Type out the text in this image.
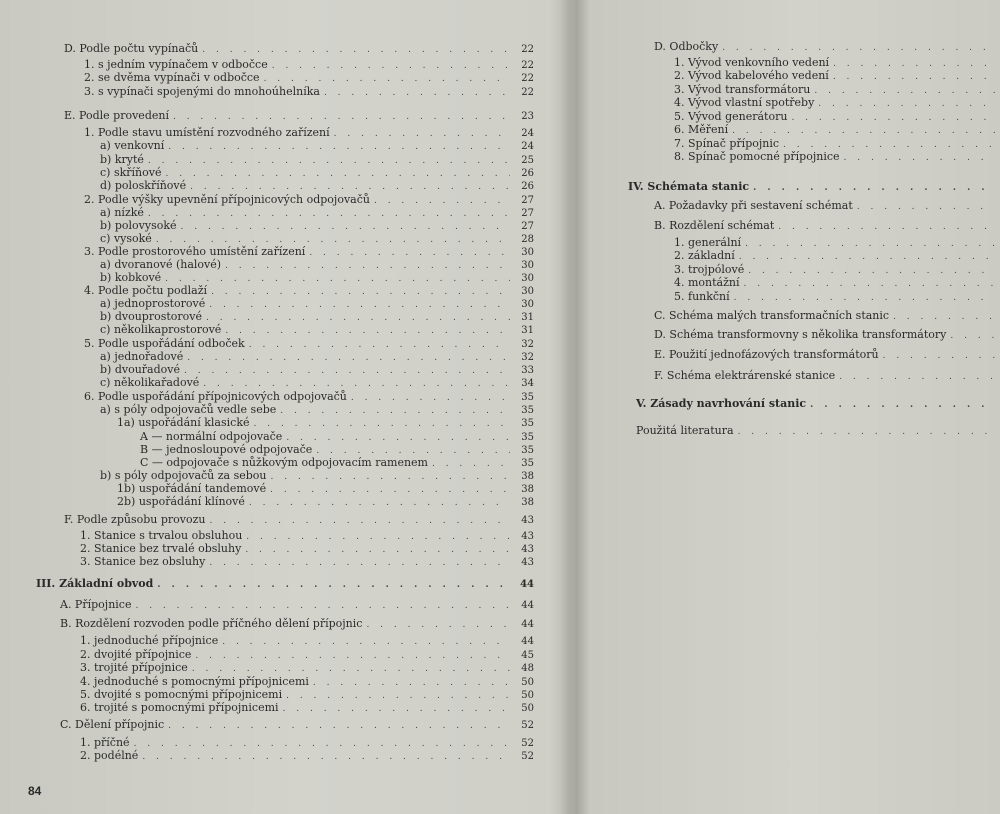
D. Podle počtu vypínačů . . .	22
1. s jedním vypínačem v odbočce . . .	22
2. se dvěma vypínači v odbočce . . .	22
3. s vypínači spojenými do mnohoúhelníka . . .	22
E. Podle provedení . . .	23
1. Podle stavu umístění rozvodného zařízení . . .	24
a) venkovní . . .	24
b) kryté . . .	25
c) skříňové . . .	26
d) poloskříňové . . .	26
2. Podle výšky upevnění přípojnicových odpojovačů . . .	27
a) nízké . . .	27
b) polovysoké . . .	27
c) vysoké . . .	28
3. Podle prostorového umístění zařízení . . .	30
a) dvoranové (halové) . . .	30
b) kobkové . . .	30
4. Podle počtu podlaží . . .	30
a) jednoprostorové . . .	30
b) dvouprostorové . . .	31
c) několikaprostorové . . .	31
5. Podle uspořádání odboček . . .	32
a) jednořadové . . .	32
b) dvouřadové . . .	33
c) několikařadové . . .	34
6. Podle uspořádání přípojnicových odpojovačů . . .	35
a) s póly odpojovačů vedle sebe . . .	35
1a) uspořádání klasické . . .	35
A — normální odpojovače . . .	35
B — jednosloupové odpojovače . . .	35
C — odpojovače s nůžkovým odpojovacím ramenem . . .	35
b) s póly odpojovačů za sebou . . .	38
1b) uspořádání tandemové . . .	38
2b) uspořádání klínové . . .	38
F. Podle způsobu provozu . . .	43
1. Stanice s trvalou obsluhou . . .	43
2. Stanice bez trvalé obsluhy . . .	43
3. Stanice bez obsluhy . . .	43
III. Základní obvod . . .	44
A. Přípojnice . . .	44
B. Rozdělení rozvoden podle příčného dělení přípojnic . . .	44
1. jednoduché přípojnice . . .	44
2. dvojité přípojnice . . .	45
3. trojité přípojnice . . .	48
4. jednoduché s pomocnými přípojnicemi . . .	50
5. dvojité s pomocnými přípojnicemi . . .	50
6. trojité s pomocnými přípojnicemi . . .	50
C. Dělení přípojnic . . .	52
1. příčné . . .	52
2. podélné . . .	52
84
D. Odbočky
. . .
1. Vývod venkovního vedení
. . .
2. Vývod kabelového vedení
. . .
3. Vývod transformátoru
. . .
4. Vývod vlastní spotřeby
. . .
5. Vývod generátoru
. . .
6. Měření
. . .
7. Spínač přípojnic
. . .
8. Spínač pomocné přípojnice
. . .
IV. Schémata stanic
. . .
A. Požadavky při sestavení schémat
. . .
B. Rozdělení schémat
. . .
1. generální
. . .
2. základní
. . .
3. trojpólové
. . .
4. montážní
. . .
5. funkční
. . .
C. Schéma malých transformačních stanic
. . .
D. Schéma transformovny s několika transformátory
. . .
E. Použití jednofázových transformátorů
. . .
F. Schéma elektrárenské stanice
. . .
V. Zásady navrhování stanic
. . .
Použitá literatura
. . .
